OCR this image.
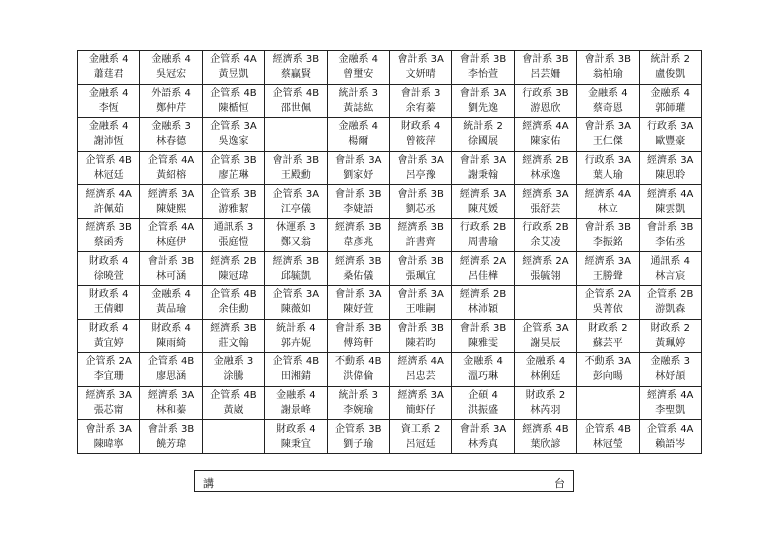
金融系 4
蕭莛君	金融系 4
吳冠宏	企管系 4A
黃昱凱	經濟系 3B
蔡贏賢	金融系 4
曾璽安	會計系 3A
文妍晴	會計系 3B
李怡萱	會計系 3B
呂芸姍	會計系 3B
翁柏瑜	統計系 2
盧俊凱

金融系 4
李恆	外語系 4
鄭仲芹	企管系 4B
陳楯恒	企管系 4B
邵世佩	統計系 3
黃誌紘	會計系 3
余宥蓁	會計系 3A
劉先逸	行政系 3B
游恩欣	金融系 4
蔡奇恩	金融系 4
郭師瓘

金融系 4
謝沛恆	金融系 3
林春德	企管系 3A
吳逸家		金融系 4
楊爾	財政系 4
曾筱萍	統計系 2
徐國展	經濟系 4A
陳家佑	會計系 3A
王仁傑	行政系 3A
歐豐豪

企管系 4B
林冠廷	企管系 4A
黃紹榕	企管系 3B
廖芷琳	會計系 3B
王殿勳	會計系 3A
劉家妤	會計系 3A
呂亭豫	會計系 3A
謝秉翰	經濟系 2B
林承逸	行政系 3A
葉人瑜	經濟系 3A
陳思聆

經濟系 4A
許佩茹	經濟系 3A
陳婕熙	企管系 3B
游雅絜	企管系 3A
江亭儀	會計系 3B
李婕語	會計系 3B
劉芯丞	經濟系 3A
陳芃媛	經濟系 3A
張舒芸	經濟系 4A
林立	經濟系 4A
陳雲凱

經濟系 3B
蔡函秀	企管系 4A
林庭伊	通訊系 3
張庭愷	休運系 3
鄭又翁	經濟系 3B
韋彥兆	經濟系 3B
許書齊	行政系 2B
周書瑜	行政系 2B
余艾凌	會計系 3B
李振銘	會計系 3B
李佑丞

財政系 4
徐曉萱	會計系 3B
林可涵	經濟系 2B
陳冠瑋	經濟系 3B
邱毓凱	經濟系 3B
桑佑儀	會計系 3B
張珮宜	經濟系 2A
呂佳樺	經濟系 2A
張毓翎	經濟系 3A
王勝聲	通訊系 4
林言宸

財政系 4
王倩卿	金融系 4
黃品瑜	企管系 4B
余佳勳	企管系 3A
陳薇如	會計系 3A
陳妤萱	會計系 3A
王唯嗣	經濟系 2B
林沛穎		企管系 2A
吳菁依	企管系 2B
游凱森

財政系 4
黃宜婷	財政系 4
陳雨綺	經濟系 3B
莊文翰	統計系 4
郭卉妮	會計系 3B
傅筠軒	會計系 3B
陳若昀	會計系 3B
陳雅雯	企管系 3A
謝昊辰	財政系 2
蘇芸平	財政系 2
黃珮婷

企管系 2A
李宜珊	企管系 4B
廖思涵	金融系 3
涂騰	企管系 4B
田湘錆	不動系 4B
洪偉倫	經濟系 4A
呂忠芸	金融系 4
溫巧琳	金融系 4
林俐廷	不動系 3A
彭向暘	金融系 3
林妤頡

經濟系 3A
張芯甯	經濟系 3A
林和蓁	企管系 4B
黃崴	金融系 4
謝景峰	統計系 3
李婉瑜	經濟系 3A
簡虾仔	企碩 4
洪振盛	財政系 2
林芮羽		經濟系 4A
李聖凱

會計系 3A
陳暐寧	會計系 3B
饒芳瑋		財政系 4
陳秉宜	企管系 3B
劉子瑜	資工系 2
呂冠廷	會計系 3A
林秀真	經濟系 4B
葉欣諺	企管系 4B
林冠瑩	企管系 4A
賴語岑
講	台
